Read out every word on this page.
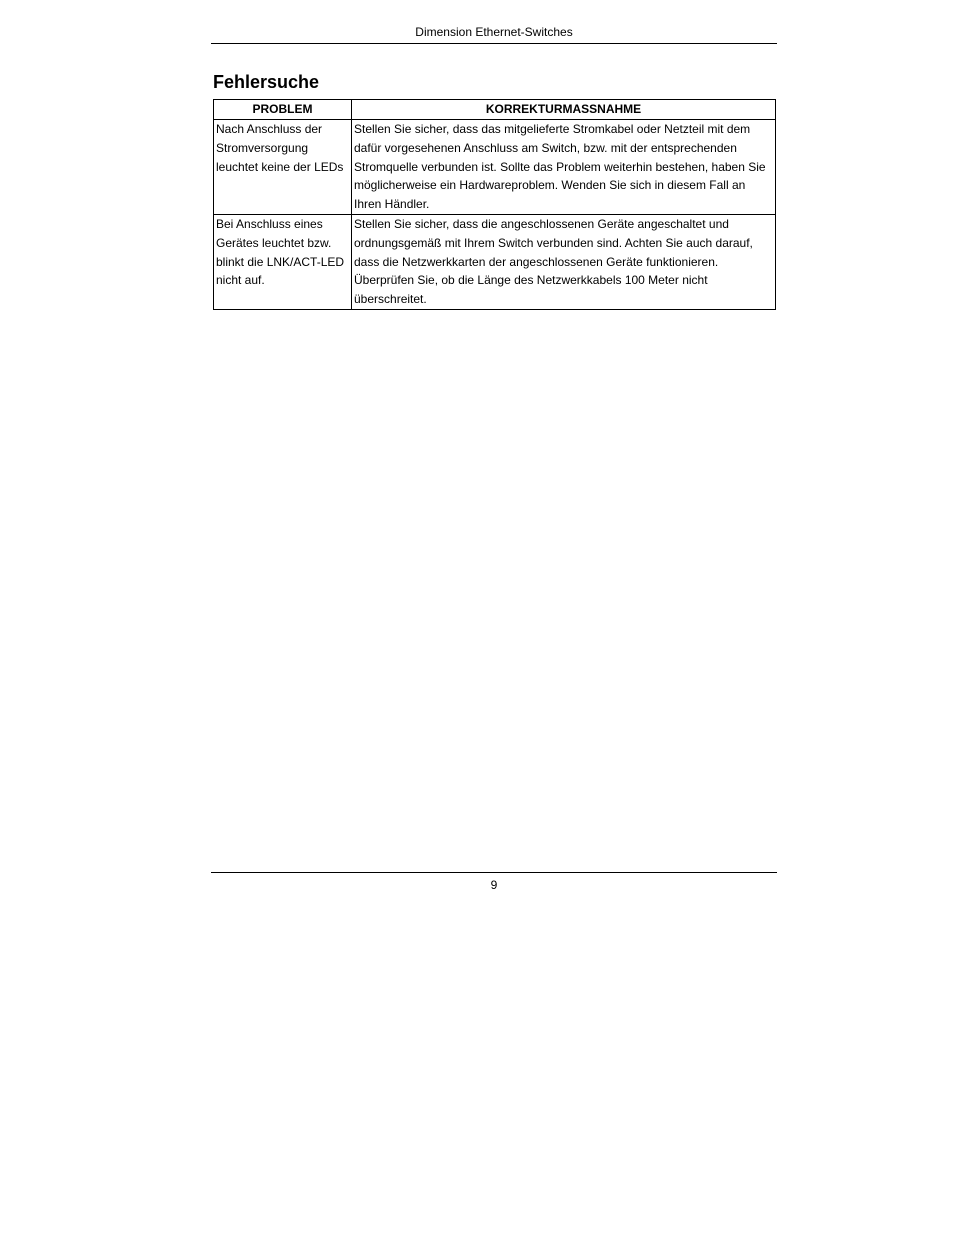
Dimension Ethernet-Switches
Fehlersuche
PROBLEM	KORREKTURMASSNAHME
Nach Anschluss der Stromversorgung leuchtet keine der LEDs	Stellen Sie sicher, dass das mitgelieferte Stromkabel oder Netzteil mit dem dafür vorgesehenen Anschluss am Switch, bzw. mit der entsprechenden Stromquelle verbunden ist. Sollte das Problem weiterhin bestehen, haben Sie möglicherweise ein Hardwareproblem. Wenden Sie sich in diesem Fall an Ihren Händler.
Bei Anschluss eines Gerätes leuchtet bzw. blinkt die LNK/ACT-LED nicht auf.	Stellen Sie sicher, dass die angeschlossenen Geräte angeschaltet und ordnungsgemäß mit Ihrem Switch verbunden sind. Achten Sie auch darauf, dass die Netzwerkkarten der angeschlossenen Geräte funktionieren. Überprüfen Sie, ob die Länge des Netzwerkkabels 100 Meter nicht überschreitet.
9
